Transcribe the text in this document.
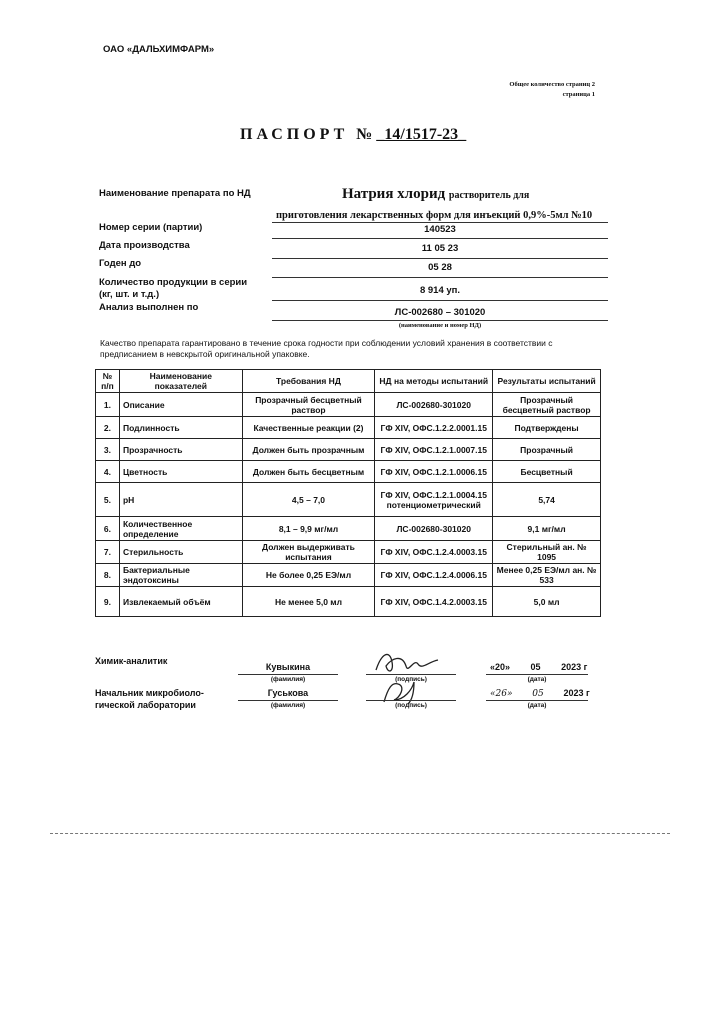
ОАО «ДАЛЬХИМФАРМ»
Общее количество страниц 2
страница 1
ПАСПОРТ №_14/1517-23_
Наименование препарата по НД	Натрия хлорид растворитель для
приготовления лекарственных форм для инъекций 0,9%-5мл №10
Номер серии (партии)	140523
Дата производства	11 05 23
Годен до	05 28
Количество продукции в серии
(кг, шт. и т.д.)	8 914 уп.
Анализ выполнен по	ЛС-002680 – 301020
(наименование и номер НД)
Качество препарата гарантировано в течение срока годности при соблюдении условий хранения в соответствии с предписанием в невскрытой оригинальной упаковке.
№ п/п	Наименование показателей	Требования НД	НД на методы испытаний	Результаты испытаний
1.	Описание	Прозрачный бесцветный раствор	ЛС-002680-301020	Прозрачный бесцветный раствор
2.	Подлинность	Качественные реакции (2)	ГФ XIV, ОФС.1.2.2.0001.15	Подтверждены
3.	Прозрачность	Должен быть прозрачным	ГФ XIV, ОФС.1.2.1.0007.15	Прозрачный
4.	Цветность	Должен быть бесцветным	ГФ XIV, ОФС.1.2.1.0006.15	Бесцветный
5.	pH	4,5 – 7,0	ГФ XIV, ОФС.1.2.1.0004.15 потенциометрический	5,74
6.	Количественное определение	8,1 – 9,9 мг/мл	ЛС-002680-301020	9,1 мг/мл
7.	Стерильность	Должен выдерживать испытания	ГФ XIV, ОФС.1.2.4.0003.15	Стерильный ан. № 1095
8.	Бактериальные эндотоксины	Не более 0,25 ЕЭ/мл	ГФ XIV, ОФС.1.2.4.0006.15	Менее 0,25 ЕЭ/мл ан. № 533
9.	Извлекаемый объём	Не менее 5,0 мл	ГФ XIV, ОФС.1.4.2.0003.15	5,0 мл
Химик-аналитик
Кувыкина
(фамилия)	(подпись)
«20» 05 2023 г
(дата)
Начальник микробиоло-
гической лаборатории
Гуськова
(фамилия)	(подпись)
«26» 05 2023 г
(дата)
